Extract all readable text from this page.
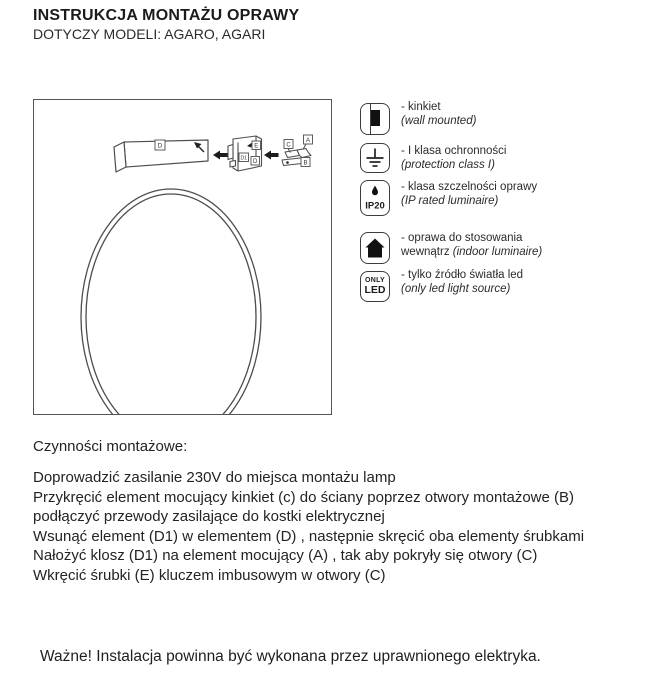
INSTRUKCJA MONTAŻU OPRAWY
DOTYCZY MODELI: AGARO, AGARI
D	E
D1
D
C
A
B
- kinkiet
(wall mounted)
- I klasa ochronności
(protection class I)
IP20
- klasa szczelności oprawy
(IP rated luminaire)
- oprawa do stosowania
wewnątrz (indoor luminaire)
ONLY
LED
- tylko źródło światła led
(only led light source)
Czynności montażowe:
Doprowadzić zasilanie 230V do miejsca montażu lamp
Przykręcić element mocujący kinkiet (c) do ściany poprzez otwory montażowe (B)
podłączyć przewody zasilające do kostki elektrycznej
Wsunąć element (D1) w elementem (D) , następnie skręcić oba elementy śrubkami
Nałożyć klosz (D1) na element mocujący (A) , tak aby pokryły się otwory (C)
Wkręcić śrubki (E) kluczem imbusowym w otwory (C)
Ważne! Instalacja powinna być wykonana przez uprawnionego elektryka.
